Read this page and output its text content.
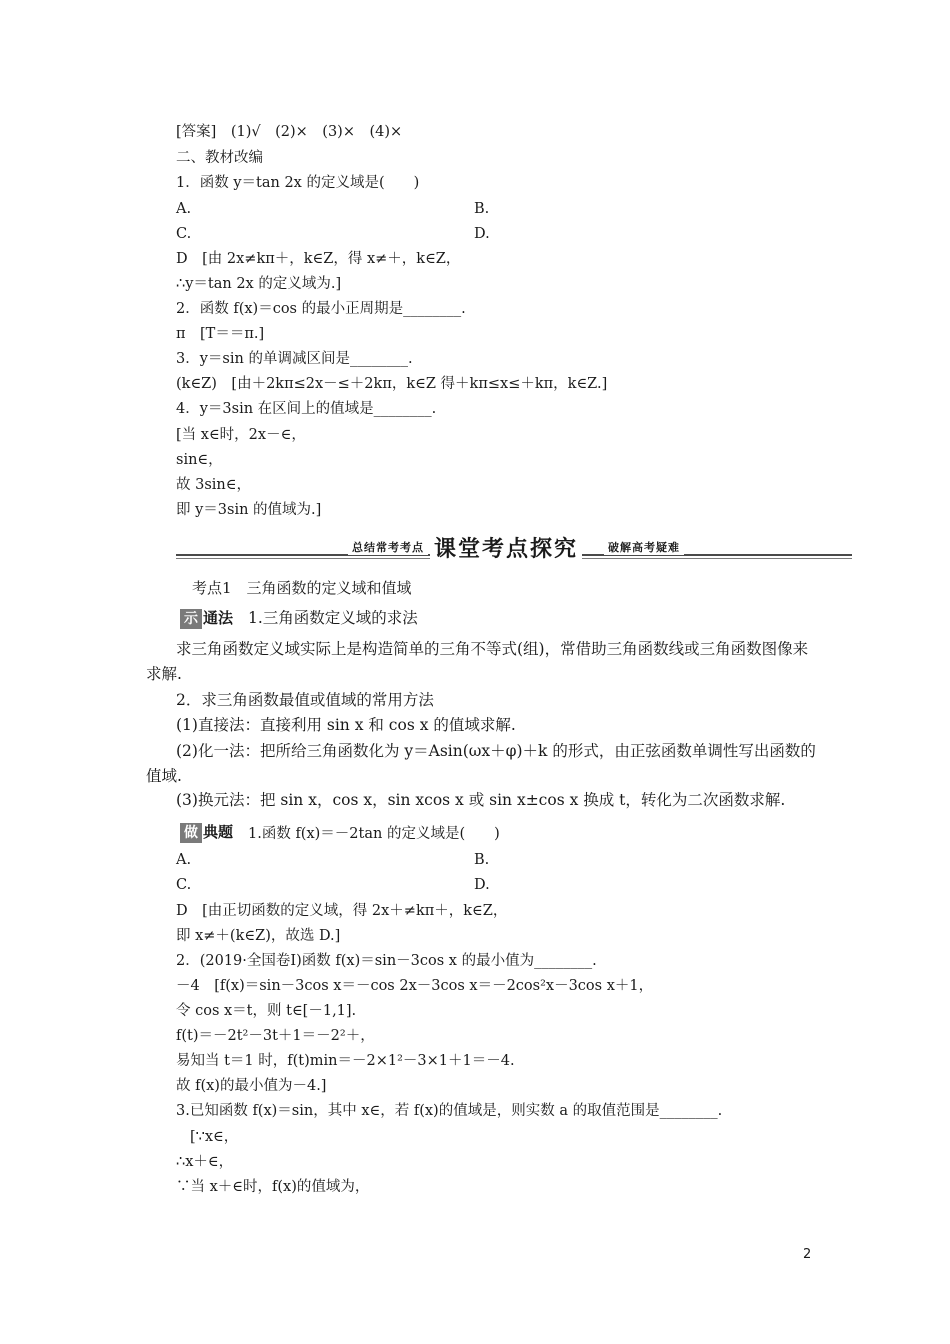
[答案]　(1)√　(2)×　(3)×　(4)×
二、教材改编
1．函数 y＝tan 2x 的定义域是(　　)
A.	B.
C.	D.
D　[由 2x≠kπ＋，k∈Z，得 x≠＋，k∈Z，
∴y＝tan 2x 的定义域为.]
2．函数 f(x)＝cos 的最小正周期是________.
π　[T＝＝π.]
3．y＝sin 的单调减区间是________.
(k∈Z)　[由＋2kπ≤2x－≤＋2kπ，k∈Z 得＋kπ≤x≤＋kπ，k∈Z.]
4．y＝3sin 在区间上的值域是________.
[当 x∈时，2x－∈，
sin∈，
故 3sin∈，
即 y＝3sin 的值域为.]
总结常考考点 课堂考点探究	破解高考疑难
考点1　三角函数的定义域和值域
示 通法 1.三角函数定义域的求法
求三角函数定义域实际上是构造简单的三角不等式(组)，常借助三角函数线或三角函数图像来求解.
2．求三角函数最值或值域的常用方法
(1)直接法：直接利用 sin x 和 cos x 的值域求解.
(2)化一法：把所给三角函数化为 y＝Asin(ωx＋φ)＋k 的形式，由正弦函数单调性写出函数的值域.
(3)换元法：把 sin x，cos x，sin xcos x 或 sin x±cos x 换成 t，转化为二次函数求解.
做 典题 1.函数 f(x)＝－2tan 的定义域是(　　)
A.	B.
C.	D.
D　[由正切函数的定义域，得 2x＋≠kπ＋，k∈Z，
即 x≠＋(k∈Z)，故选 D.]
2．(2019·全国卷Ⅰ)函数 f(x)＝sin－3cos x 的最小值为________.
－4　[f(x)＝sin－3cos x＝－cos 2x－3cos x＝－2cos²x－3cos x＋1，
令 cos x＝t，则 t∈[－1,1].
f(t)＝－2t²－3t＋1＝－2²＋，
易知当 t＝1 时，f(t)min＝－2×1²－3×1＋1＝－4.
故 f(x)的最小值为－4.]
3.已知函数 f(x)＝sin，其中 x∈，若 f(x)的值域是，则实数 a 的取值范围是________.
[∵x∈，
∴x＋∈，
∵当 x＋∈时，f(x)的值域为，
2
